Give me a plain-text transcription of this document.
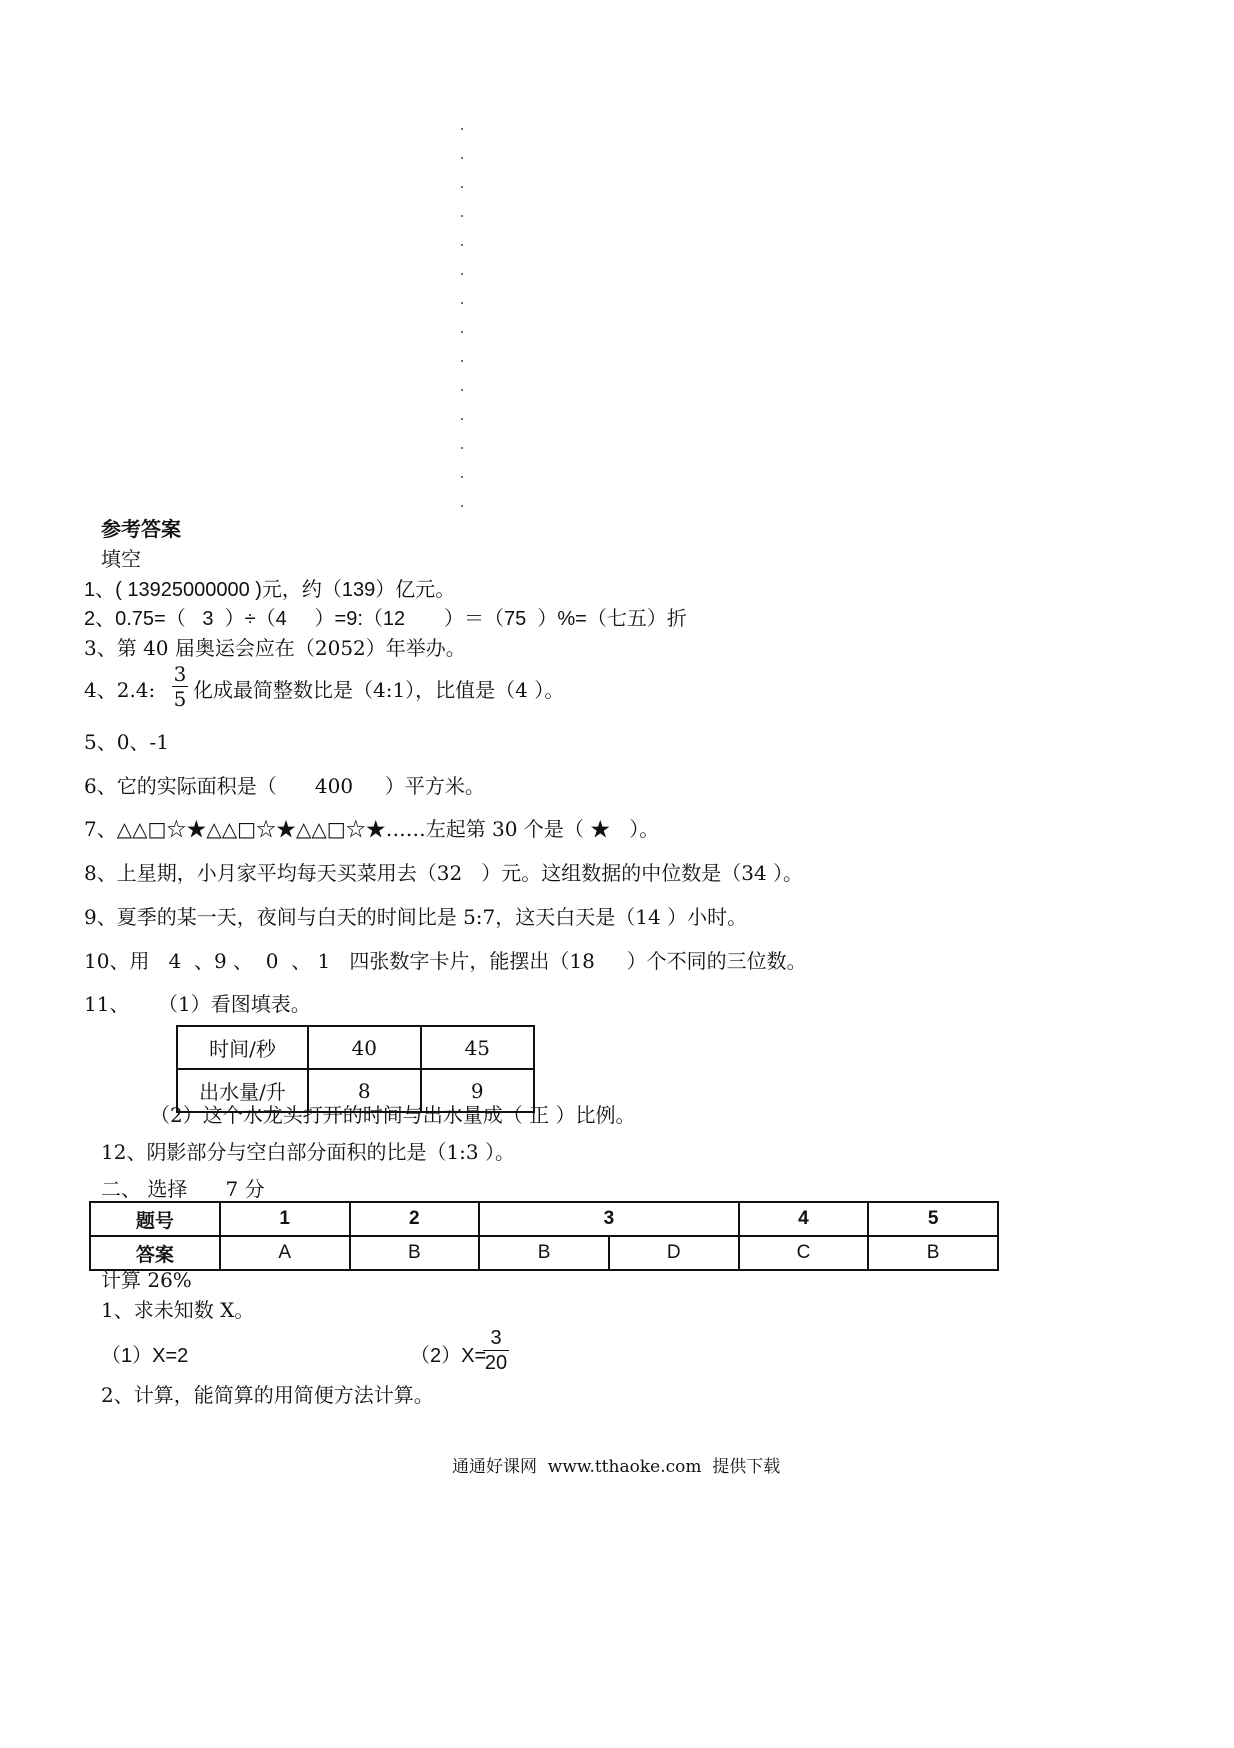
参考答案
填空
1、( 13925000000 )元，约（139）亿元。
2、0.75=（   3  ）÷（4     ）=9:（12       ）＝（75  ）%=（七五）折
3、第 40 届奥运会应在（2052）年举办。
4、2.4:
3
5 化成最简整数比是（4:1），比值是（4 ）。
5、0、-1
6、它的实际面积是（      400     ）平方米。
7、△△□☆★△△□☆★△△□☆★……左起第 30 个是（ ★   ）。
8、上星期，小月家平均每天买菜用去（32   ）元。这组数据的中位数是（34 ）。
9、夏季的某一天，夜间与白天的时间比是 5:7，这天白天是（14 ）小时。
10、用   4  、9 、  0  、 1   四张数字卡片，能摆出（18     ）个不同的三位数。
11、 （1）看图填表。
时间/秒	40	45
出水量/升	8	9
（2）这个水龙头打开的时间与出水量成（ 正 ）比例。
12、阴影部分与空白部分面积的比是（1:3 ）。
二、 选择      7 分
题号	1	2	3		4	5
答案	A	B	B	D	C	B
计算 26%
1、求未知数 X。
（1）X=2	（2）X=
3
20
2、计算，能简算的用简便方法计算。
通通好课网  www.tthaoke.com  提供下载
